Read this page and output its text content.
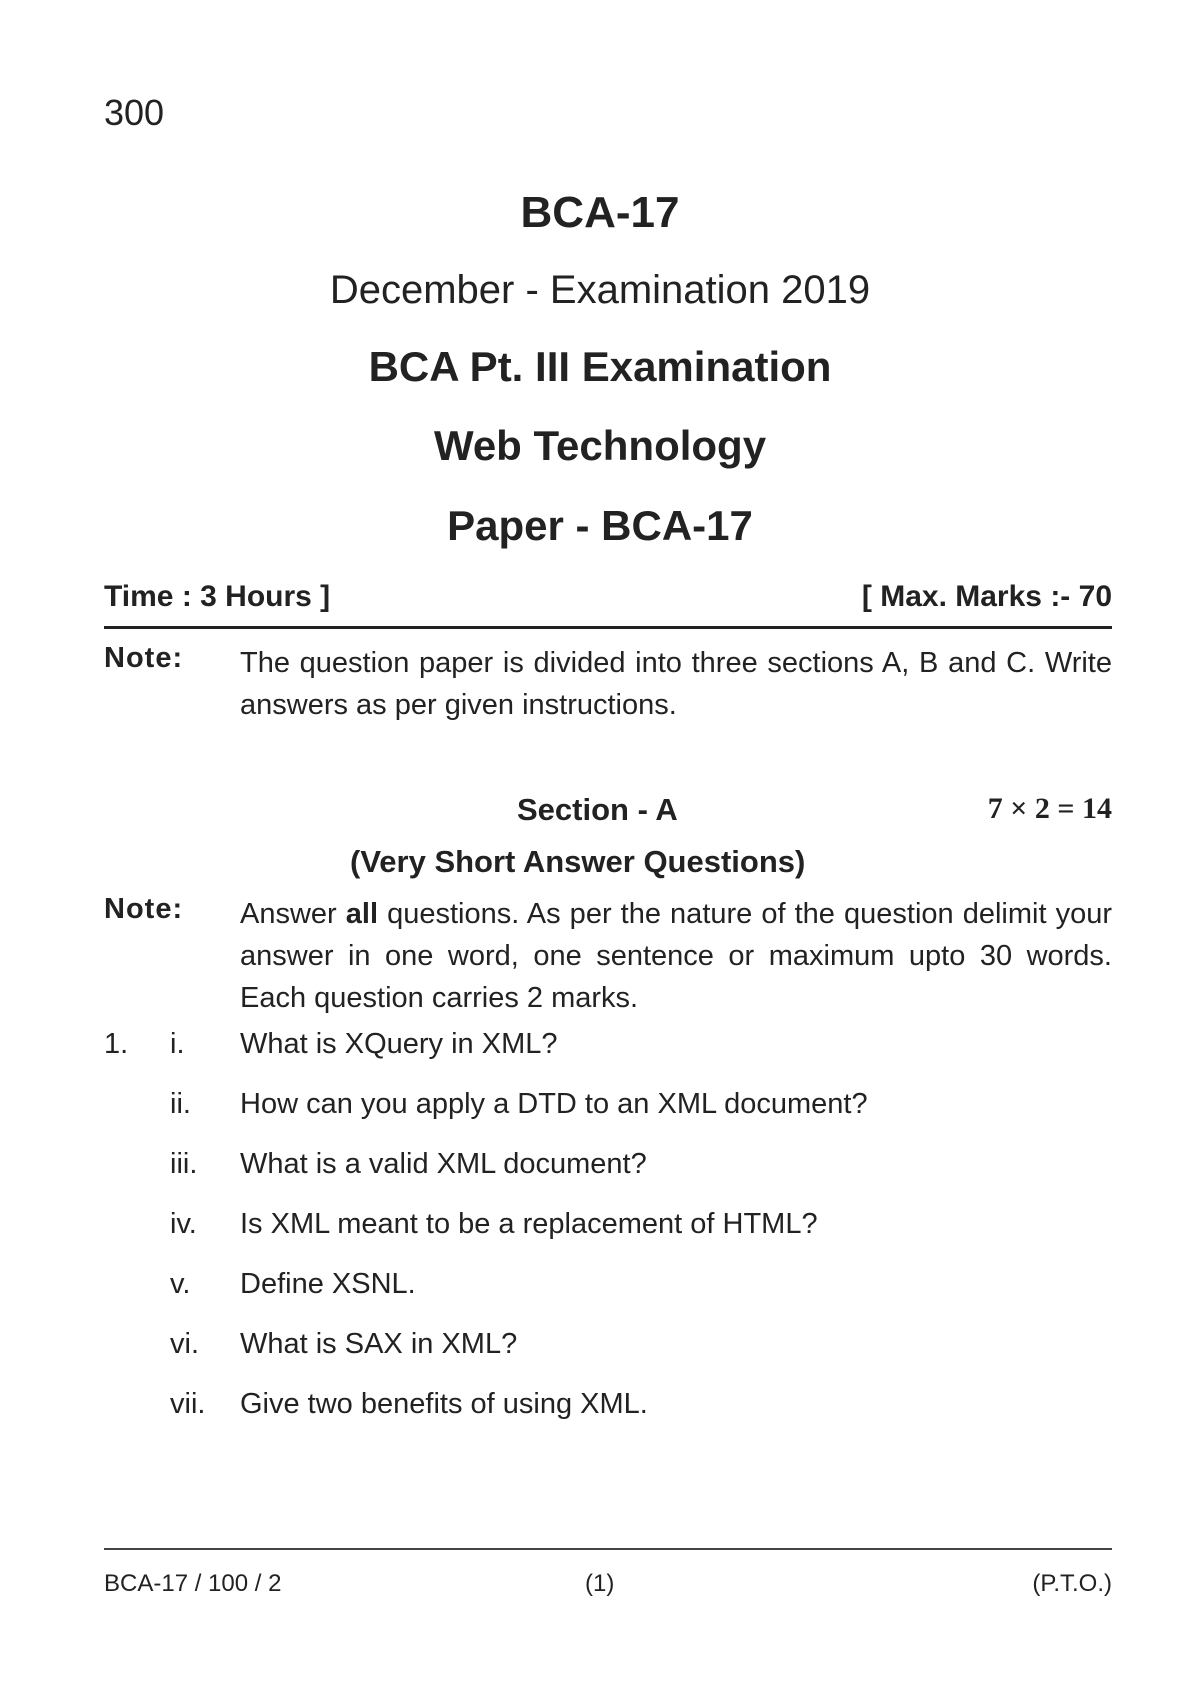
300
BCA-17
December - Examination 2019
BCA Pt. III Examination
Web Technology
Paper - BCA-17
Time : 3 Hours ]	[ Max. Marks :- 70
Note: The question paper is divided into three sections A, B and C. Write answers as per given instructions.
Section - A	7 × 2 = 14
(Very Short Answer Questions)
Note: Answer all questions. As per the nature of the question delimit your answer in one word, one sentence or maximum upto 30 words. Each question carries 2 marks.
1. i. What is XQuery in XML?
ii. How can you apply a DTD to an XML document?
iii. What is a valid XML document?
iv. Is XML meant to be a replacement of HTML?
v. Define XSNL.
vi. What is SAX in XML?
vii. Give two benefits of using XML.
BCA-17 / 100 / 2	(1)	(P.T.O.)
